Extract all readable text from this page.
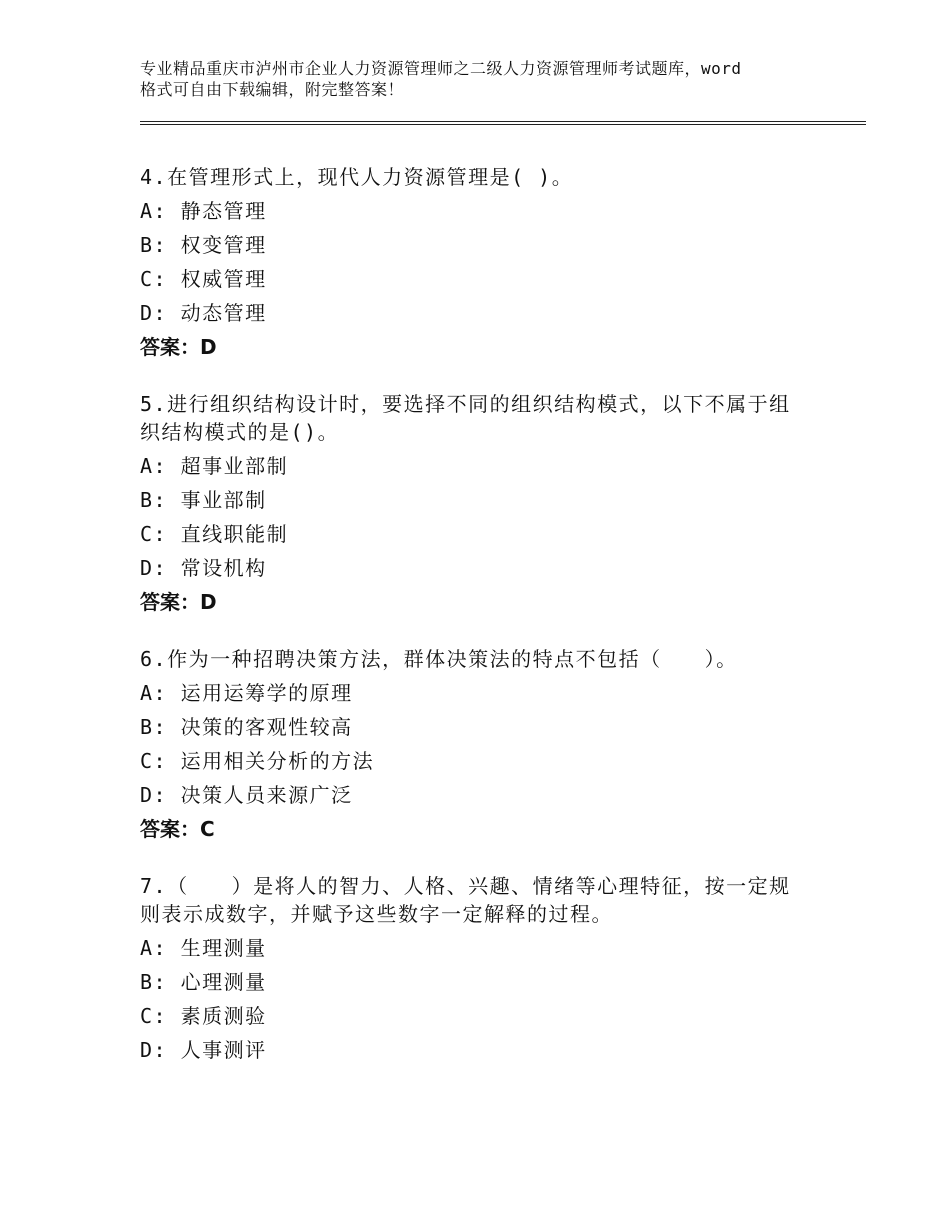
专业精品重庆市泸州市企业人力资源管理师之二级人力资源管理师考试题库，word
格式可自由下载编辑，附完整答案！
4.在管理形式上，现代人力资源管理是( )。
A: 静态管理
B: 权变管理
C: 权威管理
D: 动态管理
答案：D
5.进行组织结构设计时，要选择不同的组织结构模式，以下不属于组
织结构模式的是()。
A: 超事业部制
B: 事业部制
C: 直线职能制
D: 常设机构
答案：D
6.作为一种招聘决策方法，群体决策法的特点不包括（　　）。
A: 运用运筹学的原理
B: 决策的客观性较高
C: 运用相关分析的方法
D: 决策人员来源广泛
答案：C
7.（　　）是将人的智力、人格、兴趣、情绪等心理特征，按一定规
则表示成数字，并赋予这些数字一定解释的过程。
A: 生理测量
B: 心理测量
C: 素质测验
D: 人事测评
